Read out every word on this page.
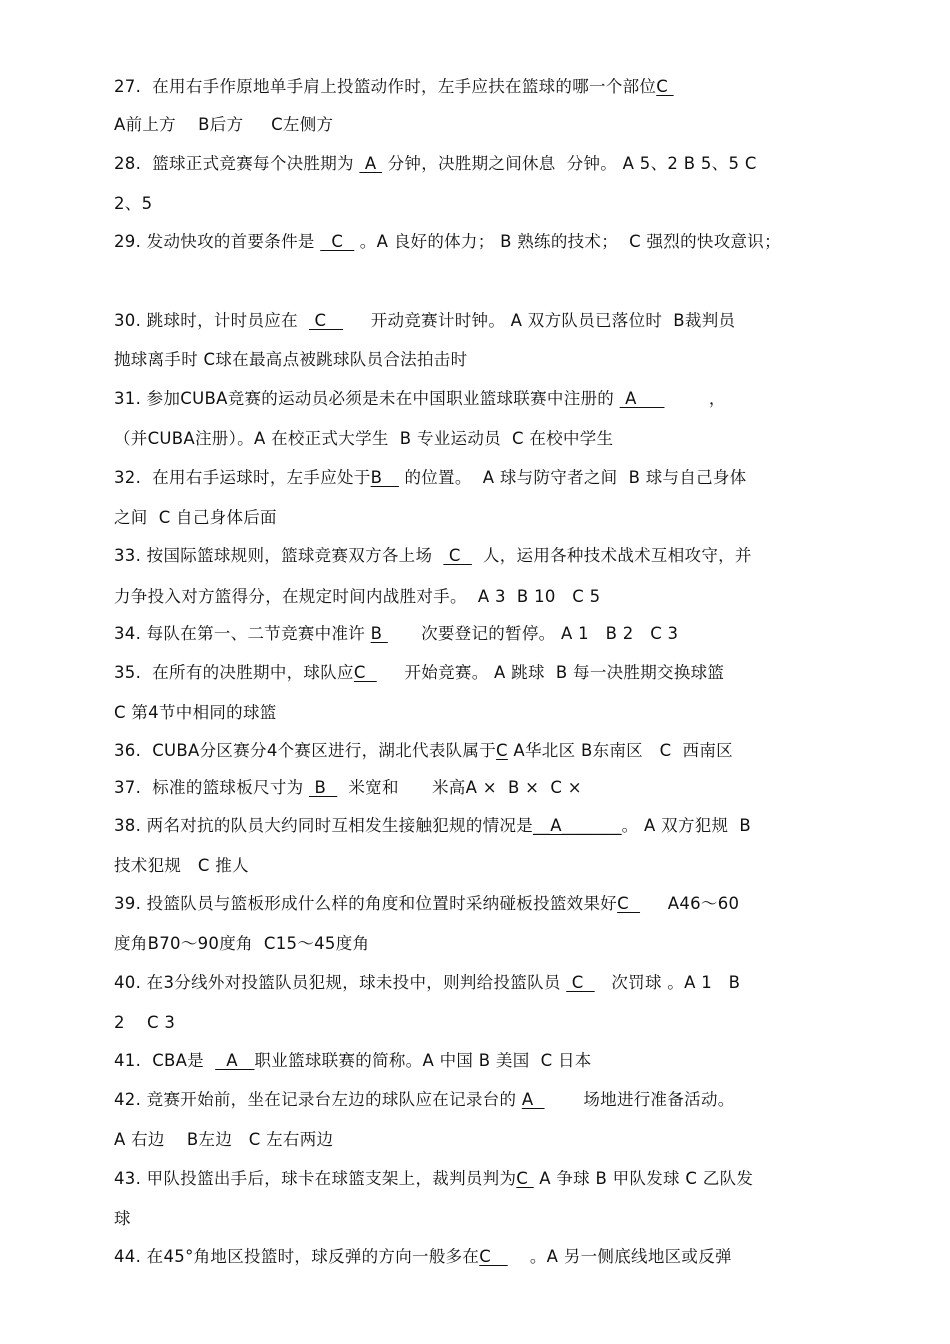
27.  在用右手作原地单手肩上投篮动作时，左手应扶在篮球的哪一个部位C
A前上方    B后方     C左侧方
28.  篮球正式竞赛每个决胜期为  A  分钟，决胜期之间休息  分钟。 A 5、2 B 5、5 C
2、5
29. 发动快攻的首要条件是   C   。A 良好的体力； B 熟练的技术；  C 强烈的快攻意识；
30. 跳球时，计时员应在   C        开动竞赛计时钟。 A 双方队员已落位时  B裁判员
抛球离手时 C球在最高点被跳球队员合法拍击时
31. 参加CUBA竞赛的运动员必须是未在中国职业篮球联赛中注册的  A             ，
（并CUBA注册）。A 在校正式大学生  B 专业运动员  C 在校中学生
32.  在用右手运球时，左手应处于B    的位置。  A 球与防守者之间  B 球与自己身体
之间  C 自己身体后面
33. 按国际篮球规则，篮球竞赛双方各上场   C    人，运用各种技术战术互相攻守，并
力争投入对方篮得分，在规定时间内战胜对手。  A 3  B 10   C 5
34. 每队在第一、二节竞赛中准许 B       次要登记的暂停。 A 1   B 2   C 3
35.  在所有的决胜期中，球队应C       开始竞赛。 A 跳球  B 每一决胜期交换球篮
C 第4节中相同的球篮
36.  CUBA分区赛分4个赛区进行，湖北代表队属于C A华北区 B东南区   C  西南区
37.  标准的篮球板尺寸为  B    米宽和      米高A ×  B ×  C ×
38. 两名对抗的队员大约同时互相发生接触犯规的情况是__A_______。 A 双方犯规  B
技术犯规   C 推人
39. 投篮队员与篮板形成什么样的角度和位置时采纳碰板投篮效果好C       A46～60
度角B70～90度角  C15～45度角
40. 在3分线外对投篮队员犯规，球未投中，则判给投篮队员  C     次罚球 。A 1   B
2    C 3
41.  CBA是    A   职业篮球联赛的简称。A 中国 B 美国  C 日本
42. 竞赛开始前，坐在记录台左边的球队应在记录台的 A         场地进行准备活动。
A 右边    B左边   C 左右两边
43. 甲队投篮出手后，球卡在球篮支架上，裁判员判为C  A 争球 B 甲队发球 C 乙队发
球
44. 在45°角地区投篮时，球反弹的方向一般多在C       。A 另一侧底线地区或反弹
